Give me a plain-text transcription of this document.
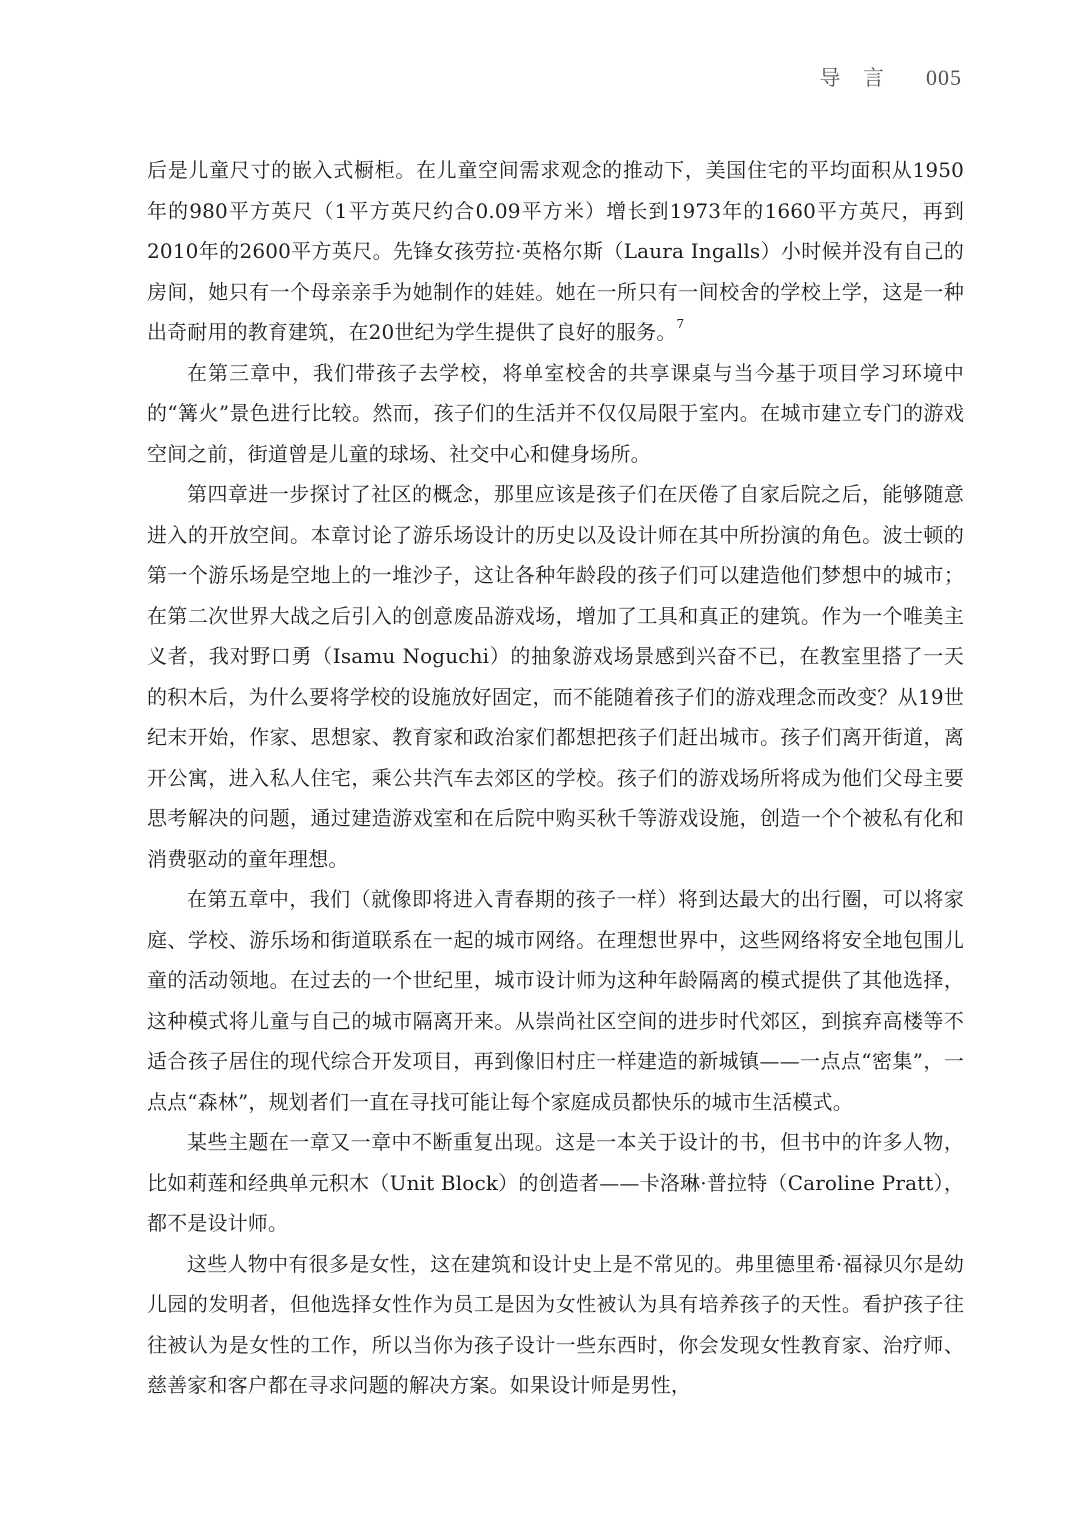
导 言 005

后是儿童尺寸的嵌入式橱柜。在儿童空间需求观念的推动下，美国住宅的平均面积从1950年的980平方英尺（1平方英尺约合0.09平方米）增长到1973年的1660平方英尺，再到2010年的2600平方英尺。先锋女孩劳拉·英格尔斯（Laura Ingalls）小时候并没有自己的房间，她只有一个母亲亲手为她制作的娃娃。她在一所只有一间校舍的学校上学，这是一种出奇耐用的教育建筑，在20世纪为学生提供了良好的服务。$^7$

在第三章中，我们带孩子去学校，将单室校舍的共享课桌与当今基于项目学习环境中的“篝火”景色进行比较。然而，孩子们的生活并不仅仅局限于室内。在城市建立专门的游戏空间之前，街道曾是儿童的球场、社交中心和健身场所。

第四章进一步探讨了社区的概念，那里应该是孩子们在厌倦了自家后院之后，能够随意进入的开放空间。本章讨论了游乐场设计的历史以及设计师在其中所扮演的角色。波士顿的第一个游乐场是空地上的一堆沙子，这让各种年龄段的孩子们可以建造他们梦想中的城市；在第二次世界大战之后引入的创意废品游戏场，增加了工具和真正的建筑。作为一个唯美主义者，我对野口勇（Isamu Noguchi）的抽象游戏场景感到兴奋不已，在教室里搭了一天的积木后，为什么要将学校的设施放好固定，而不能随着孩子们的游戏理念而改变？从19世纪末开始，作家、思想家、教育家和政治家们都想把孩子们赶出城市。孩子们离开街道，离开公寓，进入私人住宅，乘公共汽车去郊区的学校。孩子们的游戏场所将成为他们父母主要思考解决的问题，通过建造游戏室和在后院中购买秋千等游戏设施，创造一个个被私有化和消费驱动的童年理想。

在第五章中，我们（就像即将进入青春期的孩子一样）将到达最大的出行圈，可以将家庭、学校、游乐场和街道联系在一起的城市网络。在理想世界中，这些网络将安全地包围儿童的活动领地。在过去的一个世纪里，城市设计师为这种年龄隔离的模式提供了其他选择，这种模式将儿童与自己的城市隔离开来。从崇尚社区空间的进步时代郊区，到摈弃高楼等不适合孩子居住的现代综合开发项目，再到像旧村庄一样建造的新城镇——一点点“密集”，一点点“森林”，规划者们一直在寻找可能让每个家庭成员都快乐的城市生活模式。

某些主题在一章又一章中不断重复出现。这是一本关于设计的书，但书中的许多人物，比如莉莲和经典单元积木（Unit Block）的创造者——卡洛琳·普拉特（Caroline Pratt），都不是设计师。

这些人物中有很多是女性，这在建筑和设计史上是不常见的。弗里德里希·福禄贝尔是幼儿园的发明者，但他选择女性作为员工是因为女性被认为具有培养孩子的天性。看护孩子往往被认为是女性的工作，所以当你为孩子设计一些东西时，你会发现女性教育家、治疗师、慈善家和客户都在寻求问题的解决方案。如果设计师是男性，
